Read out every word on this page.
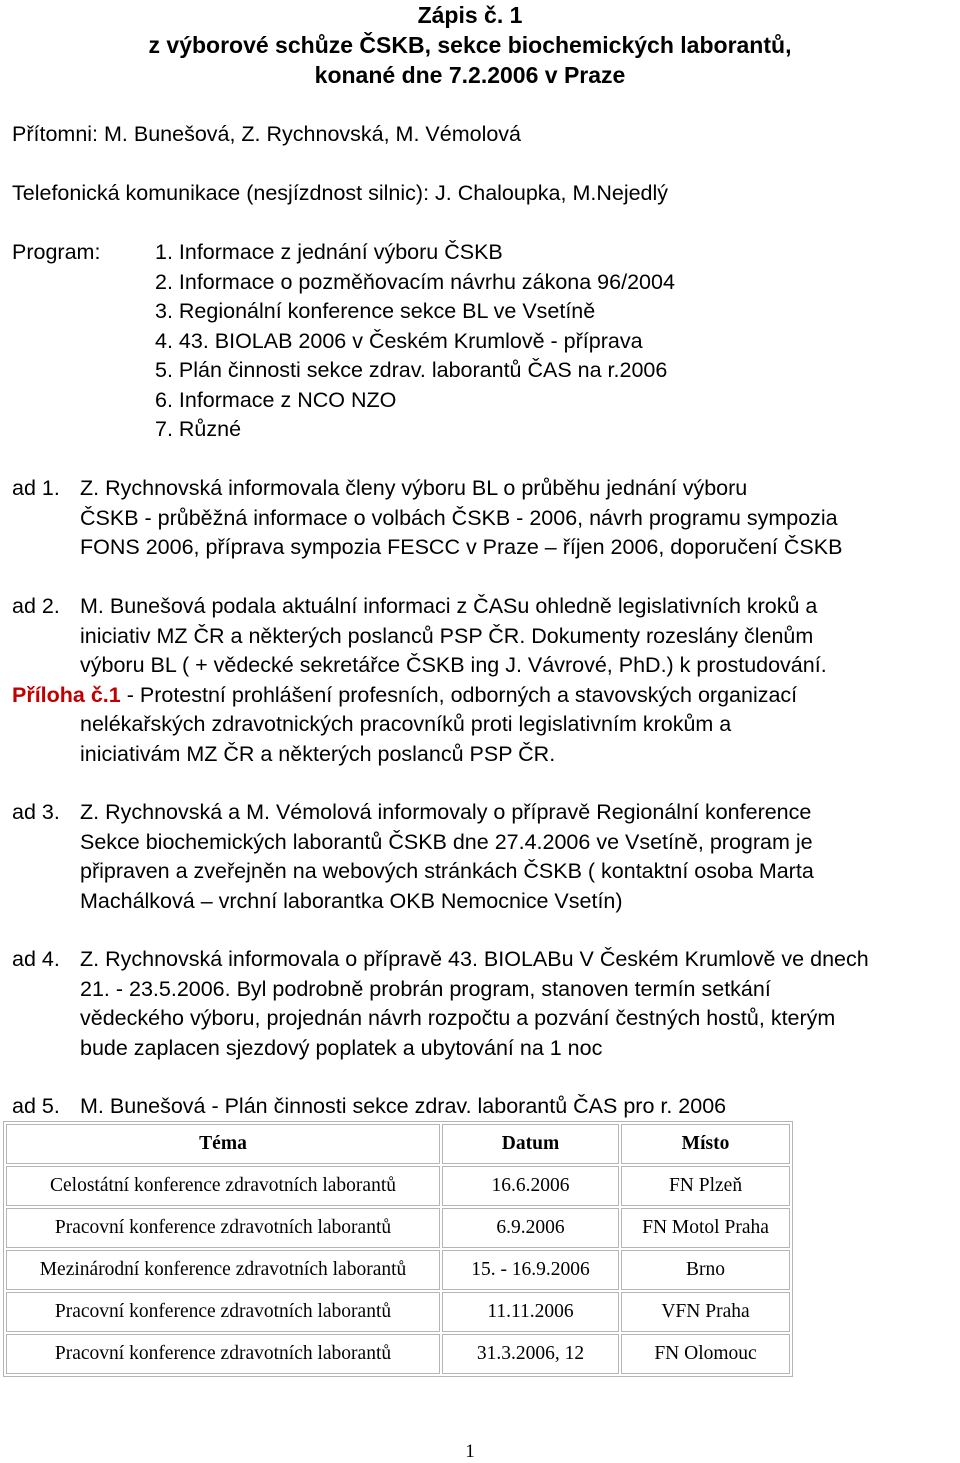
Zápis č. 1
z výborové schůze ČSKB, sekce biochemických laborantů,
konané dne 7.2.2006 v Praze
Přítomni: M. Bunešová, Z. Rychnovská, M. Vémolová
Telefonická komunikace (nesjízdnost silnic): J. Chaloupka, M.Nejedlý
Program:	1. Informace z jednání výboru ČSKB
2. Informace o pozměňovacím návrhu zákona 96/2004
3. Regionální konference sekce BL ve Vsetíně
4. 43. BIOLAB 2006 v Českém Krumlově - příprava
5. Plán činnosti sekce zdrav. laborantů ČAS na r.2006
6. Informace z NCO NZO
7. Různé
ad 1. Z. Rychnovská informovala členy výboru BL o průběhu jednání výboru
ČSKB - průběžná informace o volbách ČSKB - 2006, návrh programu sympozia
FONS 2006, příprava sympozia FESCC v Praze – říjen 2006, doporučení ČSKB
ad 2. M. Bunešová podala aktuální informaci z ČASu ohledně legislativních kroků a
iniciativ MZ ČR a některých poslanců PSP ČR. Dokumenty rozeslány členům
výboru BL ( + vědecké sekretářce ČSKB ing J. Vávrové, PhD.) k prostudování.
Příloha č.1 - Protestní prohlášení profesních, odborných a stavovských organizací
nelékařských zdravotnických pracovníků proti legislativním krokům a
iniciativám MZ ČR a některých poslanců PSP ČR.
ad 3. Z. Rychnovská a M. Vémolová informovaly o přípravě Regionální konference
Sekce biochemických laborantů ČSKB dne 27.4.2006 ve Vsetíně, program je
připraven a zveřejněn na webových stránkách ČSKB ( kontaktní osoba Marta
Machálková – vrchní laborantka OKB Nemocnice Vsetín)
ad 4. Z. Rychnovská informovala o přípravě 43. BIOLABu V Českém Krumlově ve dnech
21. - 23.5.2006. Byl podrobně probrán program, stanoven termín setkání
vědeckého výboru, projednán návrh rozpočtu a pozvání čestných hostů, kterým
bude zaplacen sjezdový poplatek a ubytování na 1 noc
ad 5. M. Bunešová - Plán činnosti sekce zdrav. laborantů ČAS pro r. 2006
Téma	Datum	Místo
Celostátní konference zdravotních laborantů	16.6.2006	FN Plzeň
Pracovní konference zdravotních laborantů	6.9.2006	FN Motol Praha
Mezinárodní konference zdravotních laborantů	15. - 16.9.2006	Brno
Pracovní konference zdravotních laborantů	11.11.2006	VFN Praha
Pracovní konference zdravotních laborantů	31.3.2006, 12	FN Olomouc
1
